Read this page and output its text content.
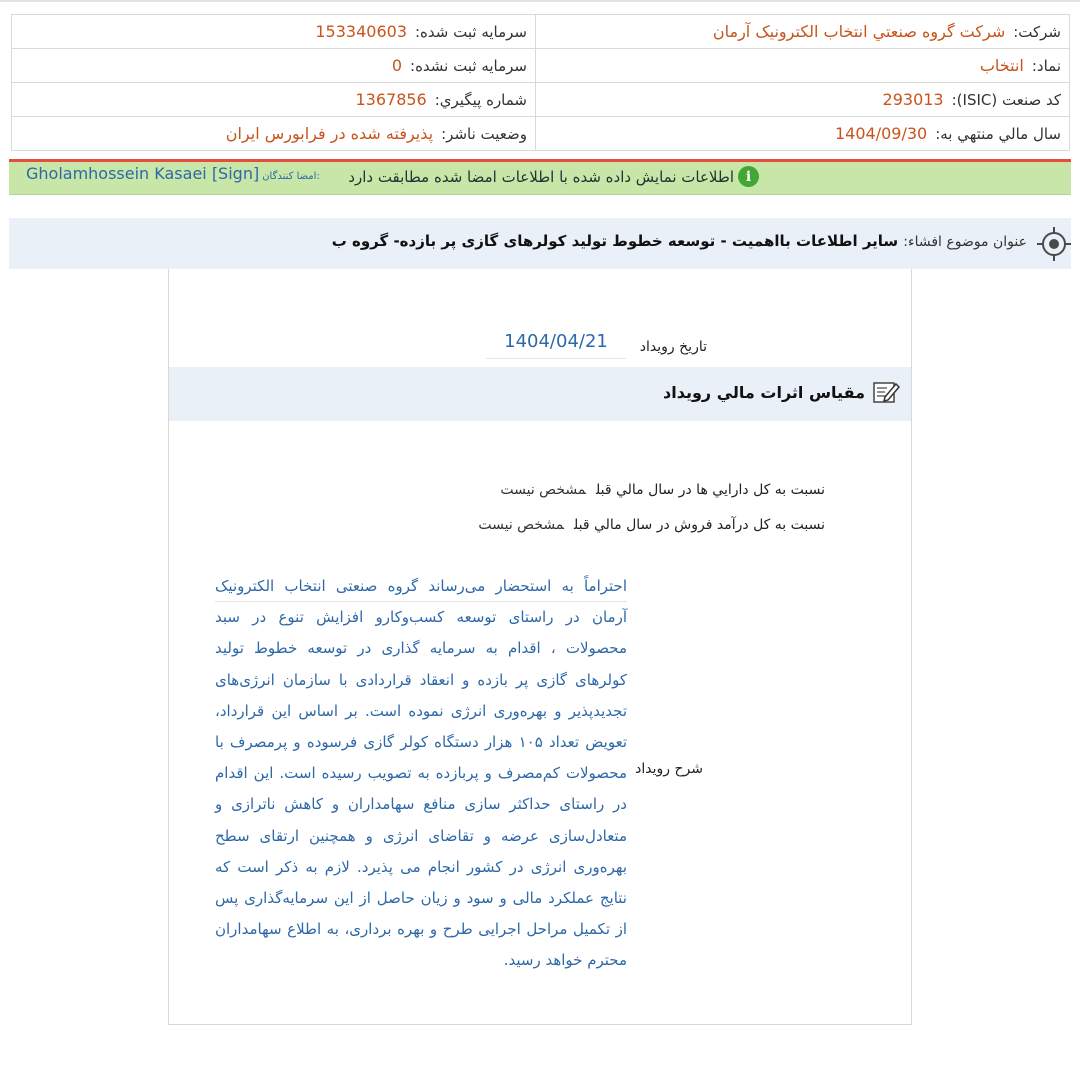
شرکت:شرکت گروه صنعتي انتخاب الکترونيک آرمان	سرمايه ثبت شده:153340603
نماد:انتخاب	سرمايه ثبت نشده:0
کد صنعت (ISIC):293013	شماره پيگيري:1367856
سال مالي منتهي به:1404/09/30	وضعيت ناشر:پذيرفته شده در فرابورس ايران
i
اطلاعات نمايش داده شده با اطلاعات امضا شده مطابقت دارد
Gholamhossein Kasaei [Sign] امضا کنندگان:
عنوان موضوع افشاء: ساير اطلاعات بااهميت - توسعه خطوط تولید کولرهای گازی پر بازده- گروه ب
تاريخ رويداد
1404/04/21
مقياس اثرات مالي رويداد
نسبت به کل دارايي ها در سال مالي قبلمشخص نيست
نسبت به کل درآمد فروش در سال مالي قبلمشخص نيست
شرح رويداد
احتراماً به استحضار می‌رساند گروه صنعتی انتخاب الکترونیک آرمان در راستای توسعه کسب‌وکارو افزایش تنوع در سبد محصولات ، اقدام به سرمایه گذاری در توسعه خطوط تولید کولرهای گازی پر بازده و انعقاد قراردادی با سازمان انرژی‌های تجدیدپذیر و بهره‌وری انرژی نموده است. بر اساس این قرارداد، تعویض تعداد ۱۰۵ هزار دستگاه کولر گازی فرسوده و پرمصرف با محصولات کم‌مصرف و پربازده به تصویب رسیده است. این اقدام در راستای حداکثر سازی منافع سهامداران و کاهش ناترازی و متعادل‌سازی عرضه و تقاضای انرژی و همچنین ارتقای سطح بهره‌وری انرژی در کشور انجام می پذیرد. لازم به ذکر است که نتایج عملکرد مالی و سود و زیان حاصل از این سرمایه‌گذاری پس از تکمیل مراحل اجرایی طرح و بهره برداری، به اطلاع سهامداران محترم خواهد رسید.
